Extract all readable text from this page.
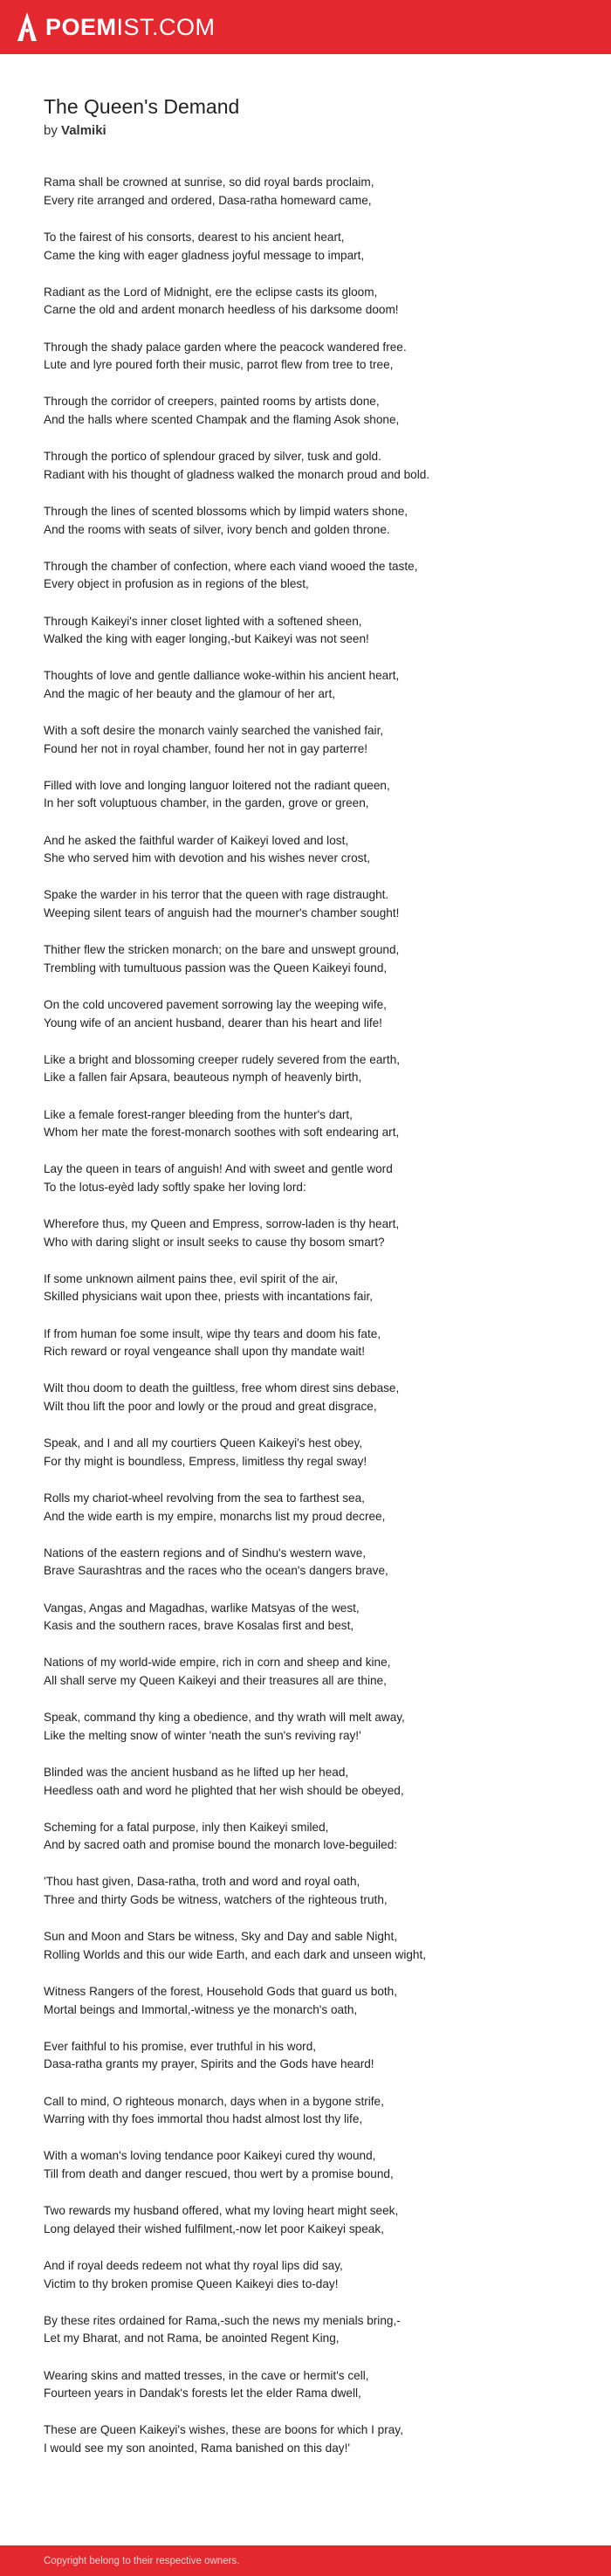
POEMIST.COM
The Queen's Demand
by Valmiki
Rama shall be crowned at sunrise, so did royal bards proclaim,
Every rite arranged and ordered, Dasa-ratha homeward came,
To the fairest of his consorts, dearest to his ancient heart,
Came the king with eager gladness joyful message to impart,
Radiant as the Lord of Midnight, ere the eclipse casts its gloom,
Carne the old and ardent monarch heedless of his darksome doom!
Through the shady palace garden where the peacock wandered free.
Lute and lyre poured forth their music, parrot flew from tree to tree,
Through the corridor of creepers, painted rooms by artists done,
And the halls where scented Champak and the flaming Asok shone,
Through the portico of splendour graced by silver, tusk and gold.
Radiant with his thought of gladness walked the monarch proud and bold.
Through the lines of scented blossoms which by limpid waters shone,
And the rooms with seats of silver, ivory bench and golden throne.
Through the chamber of confection, where each viand wooed the taste,
Every object in profusion as in regions of the blest,
Through Kaikeyi's inner closet lighted with a softened sheen,
Walked the king with eager longing,-but Kaikeyi was not seen!
Thoughts of love and gentle dalliance woke-within his ancient heart,
And the magic of her beauty and the glamour of her art,
With a soft desire the monarch vainly searched the vanished fair,
Found her not in royal chamber, found her not in gay parterre!
Filled with love and longing languor loitered not the radiant queen,
In her soft voluptuous chamber, in the garden, grove or green,
And he asked the faithful warder of Kaikeyi loved and lost,
She who served him with devotion and his wishes never crost,
Spake the warder in his terror that the queen with rage distraught.
Weeping silent tears of anguish had the mourner's chamber sought!
Thither flew the stricken monarch; on the bare and unswept ground,
Trembling with tumultuous passion was the Queen Kaikeyi found,
On the cold uncovered pavement sorrowing lay the weeping wife,
Young wife of an ancient husband, dearer than his heart and life!
Like a bright and blossoming creeper rudely severed from the earth,
Like a fallen fair Apsara, beauteous nymph of heavenly birth,
Like a female forest-ranger bleeding from the hunter's dart,
Whom her mate the forest-monarch soothes with soft endearing art,
Lay the queen in tears of anguish! And with sweet and gentle word
To the lotus-eyèd lady softly spake her loving lord:
Wherefore thus, my Queen and Empress, sorrow-laden is thy heart,
Who with daring slight or insult seeks to cause thy bosom smart?
If some unknown ailment pains thee, evil spirit of the air,
Skilled physicians wait upon thee, priests with incantations fair,
If from human foe some insult, wipe thy tears and doom his fate,
Rich reward or royal vengeance shall upon thy mandate wait!
Wilt thou doom to death the guiltless, free whom direst sins debase,
Wilt thou lift the poor and lowly or the proud and great disgrace,
Speak, and I and all my courtiers Queen Kaikeyi's hest obey,
For thy might is boundless, Empress, limitless thy regal sway!
Rolls my chariot-wheel revolving from the sea to farthest sea,
And the wide earth is my empire, monarchs list my proud decree,
Nations of the eastern regions and of Sindhu's western wave,
Brave Saurashtras and the races who the ocean's dangers brave,
Vangas, Angas and Magadhas, warlike Matsyas of the west,
Kasis and the southern races, brave Kosalas first and best,
Nations of my world-wide empire, rich in corn and sheep and kine,
All shall serve my Queen Kaikeyi and their treasures all are thine,
Speak, command thy king a obedience, and thy wrath will melt away,
Like the melting snow of winter 'neath the sun's reviving ray!'
Blinded was the ancient husband as he lifted up her head,
Heedless oath and word he plighted that her wish should be obeyed,
Scheming for a fatal purpose, inly then Kaikeyi smiled,
And by sacred oath and promise bound the monarch love-beguiled:
'Thou hast given, Dasa-ratha, troth and word and royal oath,
Three and thirty Gods be witness, watchers of the righteous truth,
Sun and Moon and Stars be witness, Sky and Day and sable Night,
Rolling Worlds and this our wide Earth, and each dark and unseen wight,
Witness Rangers of the forest, Household Gods that guard us both,
Mortal beings and Immortal,-witness ye the monarch's oath,
Ever faithful to his promise, ever truthful in his word,
Dasa-ratha grants my prayer, Spirits and the Gods have heard!
Call to mind, O righteous monarch, days when in a bygone strife,
Warring with thy foes immortal thou hadst almost lost thy life,
With a woman's loving tendance poor Kaikeyi cured thy wound,
Till from death and danger rescued, thou wert by a promise bound,
Two rewards my husband offered, what my loving heart might seek,
Long delayed their wished fulfilment,-now let poor Kaikeyi speak,
And if royal deeds redeem not what thy royal lips did say,
Victim to thy broken promise Queen Kaikeyi dies to-day!
By these rites ordained for Rama,-such the news my menials bring,-
Let my Bharat, and not Rama, be anointed Regent King,
Wearing skins and matted tresses, in the cave or hermit's cell,
Fourteen years in Dandak's forests let the elder Rama dwell,
These are Queen Kaikeyi's wishes, these are boons for which I pray,
I would see my son anointed, Rama banished on this day!'
Copyright belong to their respective owners.
